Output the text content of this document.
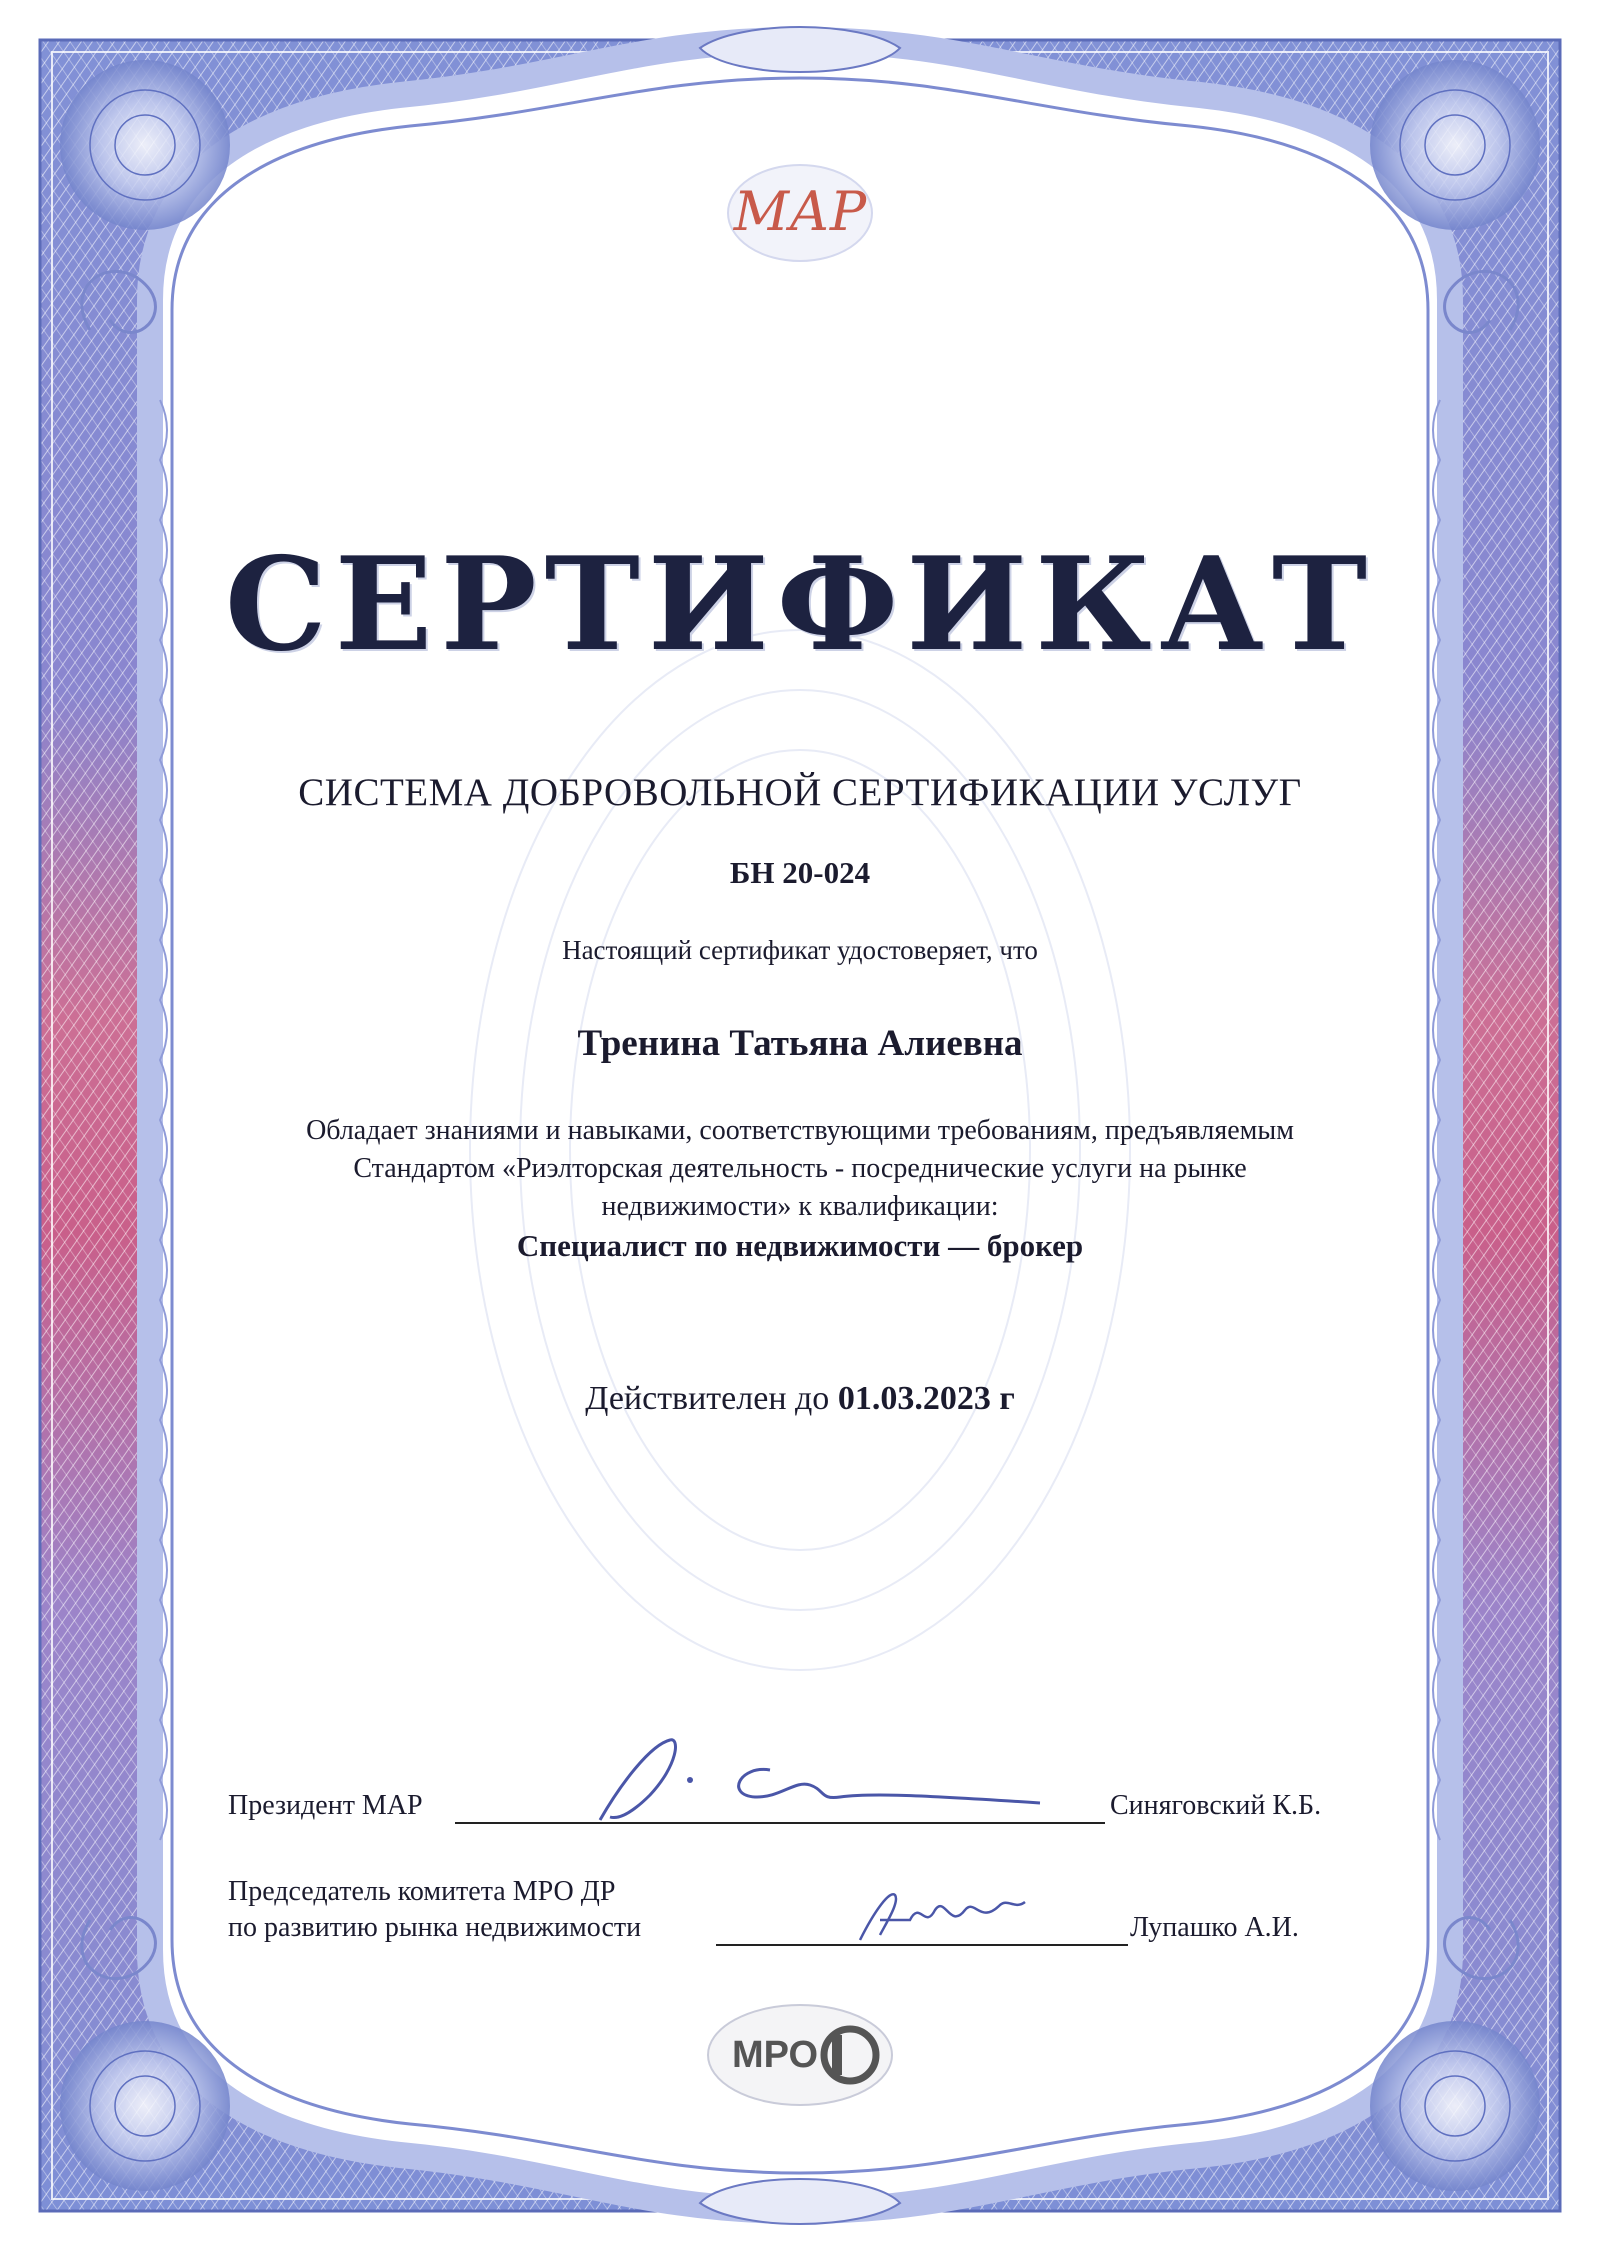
МАР
СЕРТИФИКАТ
СИСТЕМА ДОБРОВОЛЬНОЙ СЕРТИФИКАЦИИ УСЛУГ
БН 20-024
Настоящий сертификат удостоверяет, что
Тренина Татьяна Алиевна
Обладает знаниями и навыками, соответствующими требованиям, предъявляемым
Стандартом «Риэлторская деятельность - посреднические услуги на рынке
недвижимости» к квалификации:
Специалист по недвижимости — брокер
Действителен до 01.03.2023 г
Президент МАР	Синяговский К.Б.
Председатель комитета МРО ДР
по развитию рынка недвижимости	Лупашко А.И.
МРО
